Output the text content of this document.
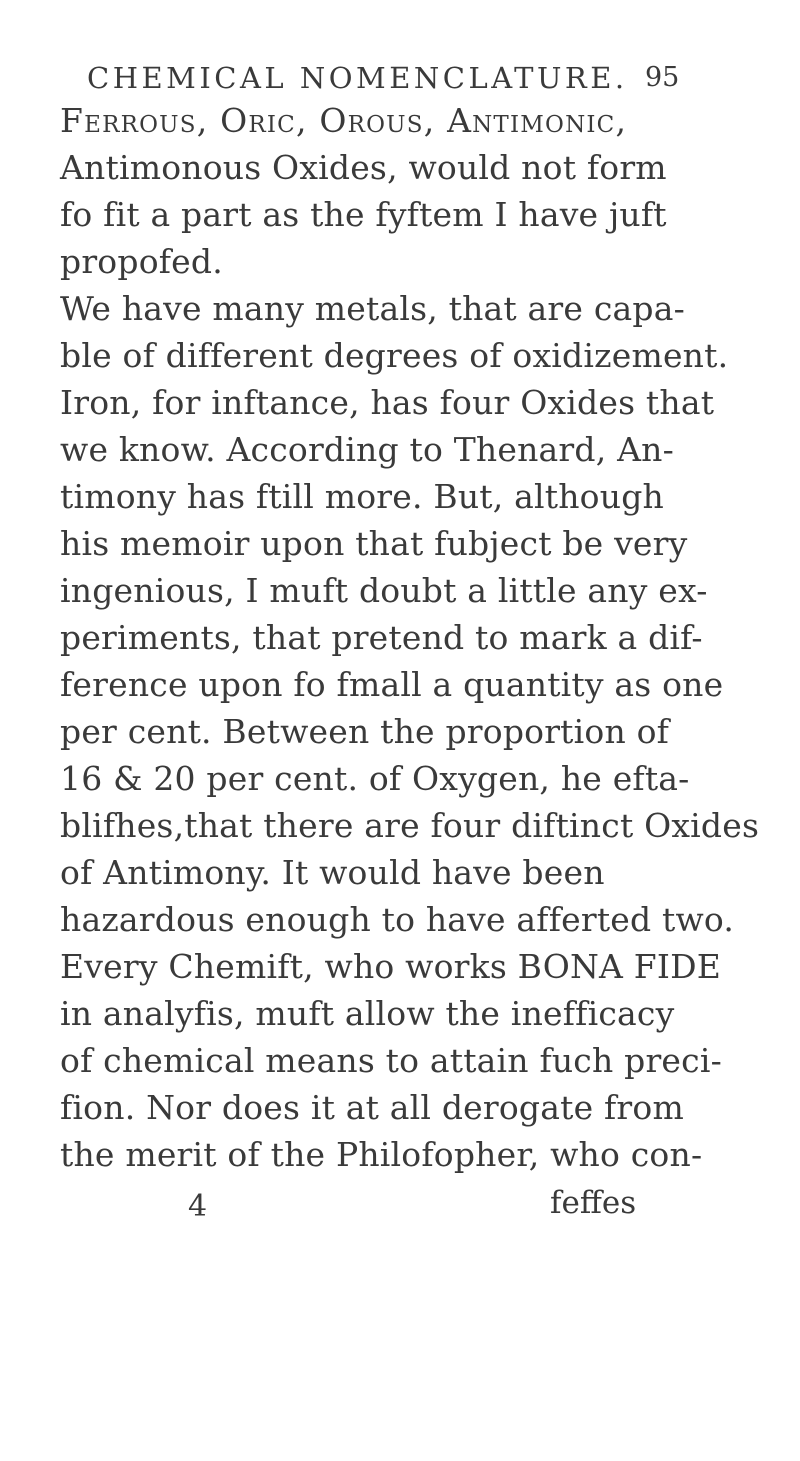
CHEMICAL NOMENCLATURE. 95
Ferrous, Oric, Orous, Antimonic,
Antimonous Oxides, would not form
fo fit a part as the fyftem I have juft
propofed.
We have many metals, that are capa-
ble of different degrees of oxidizement.
Iron, for inftance, has four Oxides that
we know. According to Thenard, An-
timony has ftill more. But, although
his memoir upon that fubject be very
ingenious, I muft doubt a little any ex-
periments, that pretend to mark a dif-
ference upon fo fmall a quantity as one
per cent. Between the proportion of
16 & 20 per cent. of Oxygen, he efta-
blifhes,that there are four diftinct Oxides
of Antimony. It would have been
hazardous enough to have afferted two.
Every Chemift, who works BONA FIDE
in analyfis, muft allow the inefficacy
of chemical means to attain fuch preci-
fion. Nor does it at all derogate from
the merit of the Philofopher, who con-
4	feffes
